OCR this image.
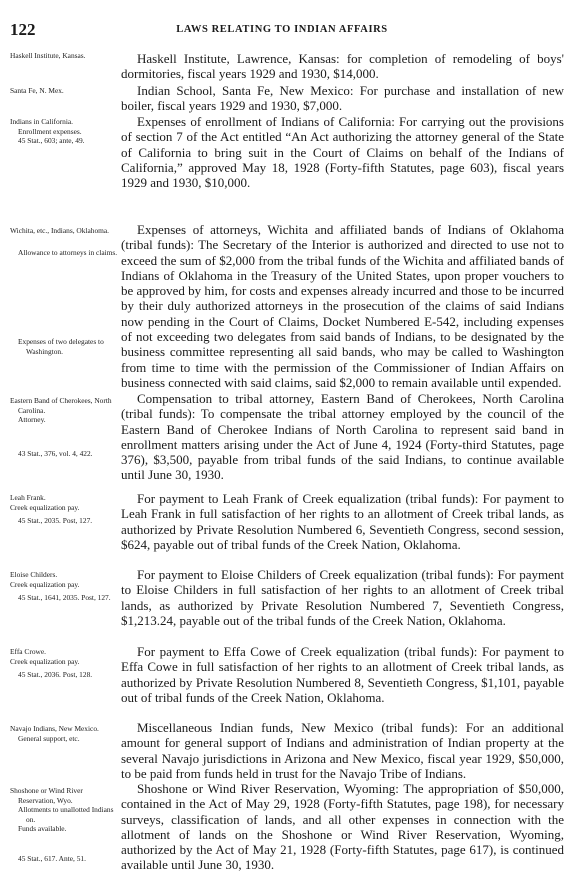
122	LAWS RELATING TO INDIAN AFFAIRS
Haskell Institute, Kansas.	Haskell Institute, Lawrence, Kansas: for completion of remodeling of boys' dormitories, fiscal years 1929 and 1930, $14,000.

Santa Fe, N. Mex.	Indian School, Santa Fe, New Mexico: For purchase and installation of new boiler, fiscal years 1929 and 1930, $7,000.

Indians in California.
Enrollment expenses.
45 Stat., 603; ante, 49.

Expenses of enrollment of Indians of California: For carrying out the provisions of section 7 of the Act entitled “An Act authorizing the attorney general of the State of California to bring suit in the Court of Claims on behalf of the Indians of California,” approved May 18, 1928 (Forty-fifth Statutes, page 603), fiscal years 1929 and 1930, $10,000.

Wichita, etc., Indians, Oklahoma.
Allowance to attorneys in claims.
Expenses of two delegates to Washington.

Expenses of attorneys, Wichita and affiliated bands of Indians of Oklahoma (tribal funds): The Secretary of the Interior is authorized and directed to use not to exceed the sum of $2,000 from the tribal funds of the Wichita and affiliated bands of Indians of Oklahoma in the Treasury of the United States, upon proper vouchers to be approved by him, for costs and expenses already incurred and those to be incurred by their duly authorized attorneys in the prosecution of the claims of said Indians now pending in the Court of Claims, Docket Numbered E-542, including expenses of not exceeding two delegates from said bands of Indians, to be designated by the business committee representing all said bands, who may be called to Washington from time to time with the permission of the Commissioner of Indian Affairs on business connected with said claims, said $2,000 to remain available until expended.

Eastern Band of Cherokees, North Carolina.
Attorney.
43 Stat., 376, vol. 4, 422.

Compensation to tribal attorney, Eastern Band of Cherokees, North Carolina (tribal funds): To compensate the tribal attorney employed by the council of the Eastern Band of Cherokee Indians of North Carolina to represent said band in enrollment matters arising under the Act of June 4, 1924 (Forty-third Statutes, page 376), $3,500, payable from tribal funds of the said Indians, to continue available until June 30, 1930.

Leah Frank.
Creek equalization pay.
45 Stat., 2035. Post, 127.

For payment to Leah Frank of Creek equalization (tribal funds): For payment to Leah Frank in full satisfaction of her rights to an allotment of Creek tribal lands, as authorized by Private Resolution Numbered 6, Seventieth Congress, second session, $624, payable out of tribal funds of the Creek Nation, Oklahoma.

Eloise Childers.
Creek equalization pay.
45 Stat., 1641, 2035. Post, 127.

For payment to Eloise Childers of Creek equalization (tribal funds): For payment to Eloise Childers in full satisfaction of her rights to an allotment of Creek tribal lands, as authorized by Private Resolution Numbered 7, Seventieth Congress, $1,213.24, payable out of the tribal funds of the Creek Nation, Oklahoma.

Effa Crowe.
Creek equalization pay.
45 Stat., 2036. Post, 128.

For payment to Effa Cowe of Creek equalization (tribal funds): For payment to Effa Cowe in full satisfaction of her rights to an allotment of Creek tribal lands, as authorized by Private Resolution Numbered 8, Seventieth Congress, $1,101, payable out of tribal funds of the Creek Nation, Oklahoma.

Navajo Indians, New Mexico.
General support, etc.

Miscellaneous Indian funds, New Mexico (tribal funds): For an additional amount for general support of Indians and administration of Indian property at the several Navajo jurisdictions in Arizona and New Mexico, fiscal year 1929, $50,000, to be paid from funds held in trust for the Navajo Tribe of Indians.

Shoshone or Wind River Reservation, Wyo.
Allotments to unallotted Indians on.
Funds available.
45 Stat., 617. Ante, 51.

Shoshone or Wind River Reservation, Wyoming: The appropriation of $50,000, contained in the Act of May 29, 1928 (Forty-fifth Statutes, page 198), for necessary surveys, classification of lands, and all other expenses in connection with the allotment of lands on the Shoshone or Wind River Reservation, Wyoming, authorized by the Act of May 21, 1928 (Forty-fifth Statutes, page 617), is continued available until June 30, 1930.
